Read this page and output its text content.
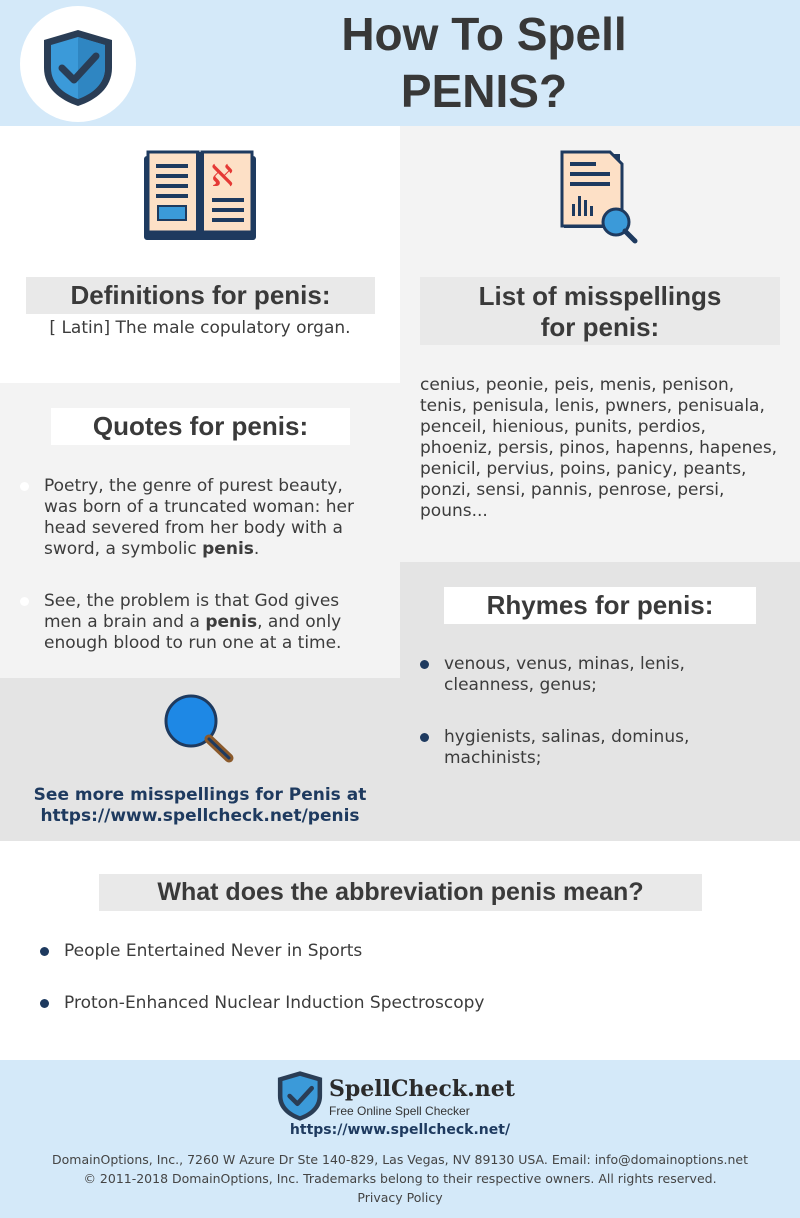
How To Spell
PENIS?
ℵ
Definitions for penis:
[ Latin] The male copulatory organ.
List of misspellings
for penis:
cenius, peonie, peis, menis, penison, tenis, penisula, lenis, pwners, penisuala, penceil, hienious, punits, perdios, phoeniz, persis, pinos, hapenns, hapenes, penicil, pervius, poins, panicy, peants, ponzi, sensi, pannis, penrose, persi, pouns...
Quotes for penis:
Poetry, the genre of purest beauty, was born of a truncated woman: her head severed from her body with a sword, a symbolic penis.
See, the problem is that God gives men a brain and a penis, and only enough blood to run one at a time.
See more misspellings for Penis at
https://www.spellcheck.net/penis
Rhymes for penis:
venous, venus, minas, lenis, cleanness, genus;
hygienists, salinas, dominus, machinists;
What does the abbreviation penis mean?
People Entertained Never in Sports
Proton-Enhanced Nuclear Induction Spectroscopy
SpellCheck.net
Free Online Spell Checker
https://www.spellcheck.net/
DomainOptions, Inc., 7260 W Azure Dr Ste 140-829, Las Vegas, NV 89130 USA. Email: info@domainoptions.net
© 2011-2018 DomainOptions, Inc. Trademarks belong to their respective owners. All rights reserved.
Privacy Policy
